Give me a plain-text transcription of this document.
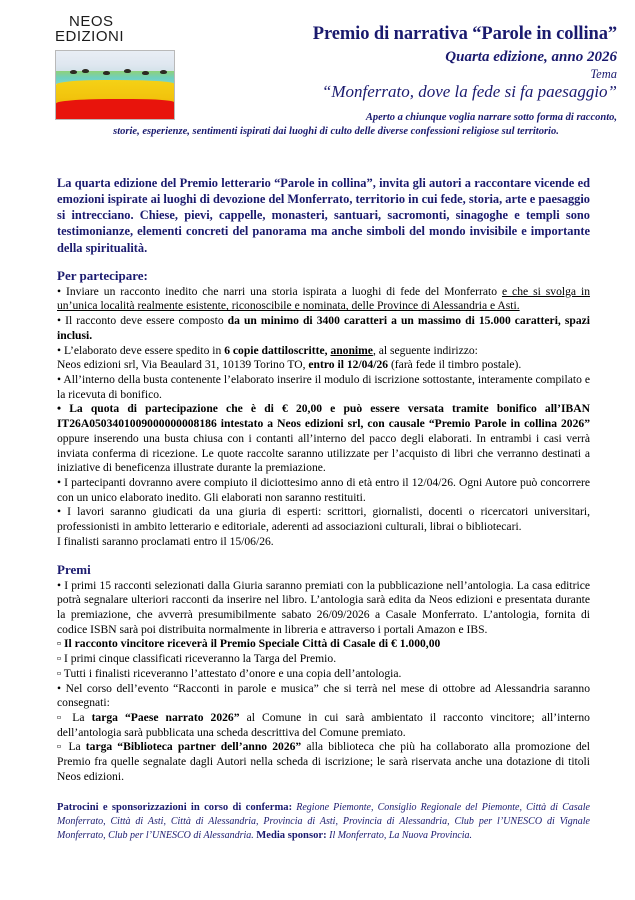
NEOS
EDIZIONI	Premio di narrativa “Parole in collina”
Quarta edizione, anno 2026
Tema
“Monferrato, dove la fede si fa paesaggio”
Aperto a chiunque voglia narrare sotto forma di racconto,
storie, esperienze, sentimenti ispirati dai luoghi di culto delle diverse confessioni religiose sul territorio.
La quarta edizione del Premio letterario “Parole in collina”, invita gli autori a raccontare vicende ed emozioni ispirate ai luoghi di devozione del Monferrato, territorio in cui fede, storia, arte e paesaggio si intrecciano. Chiese, pievi, cappelle, monasteri, santuari, sacromonti, sinagoghe e templi sono testimonianze, elementi concreti del panorama ma anche simboli del mondo invisibile e importante della spiritualità.
Per partecipare:
• Inviare un racconto inedito che narri una storia ispirata a luoghi di fede del Monferrato e che si svolga in un’unica località realmente esistente, riconoscibile e nominata, delle Province di Alessandria e Asti.
• Il racconto deve essere composto da un minimo di 3400 caratteri a un massimo di 15.000 caratteri, spazi inclusi.
• L’elaborato deve essere spedito in 6 copie dattiloscritte, anonime, al seguente indirizzo:
Neos edizioni srl, Via Beaulard 31, 10139 Torino TO, entro il 12/04/26 (farà fede il timbro postale).
• All’interno della busta contenente l’elaborato inserire il modulo di iscrizione sottostante, interamente compilato e la ricevuta di bonifico.
• La quota di partecipazione che è di € 20,00 e può essere versata tramite bonifico all’IBAN IT26A0503401009000000008186 intestato a Neos edizioni srl, con causale “Premio Parole in collina 2026” oppure inserendo una busta chiusa con i contanti all’interno del pacco degli elaborati. In entrambi i casi verrà inviata conferma di ricezione. Le quote raccolte saranno utilizzate per l’acquisto di libri che verranno destinati a iniziative di beneficenza illustrate durante la premiazione.
• I partecipanti dovranno avere compiuto il diciottesimo anno di età entro il 12/04/26. Ogni Autore può concorrere con un unico elaborato inedito. Gli elaborati non saranno restituiti.
• I lavori saranno giudicati da una giuria di esperti: scrittori, giornalisti, docenti o ricercatori universitari, professionisti in ambito letterario e editoriale, aderenti ad associazioni culturali, librai o bibliotecari.
I finalisti saranno proclamati entro il 15/06/26.
Premi
• I primi 15 racconti selezionati dalla Giuria saranno premiati con la pubblicazione nell’antologia. La casa editrice potrà segnalare ulteriori racconti da inserire nel libro. L’antologia sarà edita da Neos edizioni e presentata durante la premiazione, che avverrà presumibilmente sabato 26/09/2026 a Casale Monferrato. L’antologia, fornita di codice ISBN sarà poi distribuita normalmente in libreria e attraverso i portali Amazon e IBS.
▫ Il racconto vincitore riceverà il Premio Speciale Città di Casale di € 1.000,00
▫ I primi cinque classificati riceveranno la Targa del Premio.
▫ Tutti i finalisti riceveranno l’attestato d’onore e una copia dell’antologia.
• Nel corso dell’evento “Racconti in parole e musica” che si terrà nel mese di ottobre ad Alessandria saranno consegnati:
▫ La targa “Paese narrato 2026” al Comune in cui sarà ambientato il racconto vincitore; all’interno dell’antologia sarà pubblicata una scheda descrittiva del Comune premiato.
▫ La targa “Biblioteca partner dell’anno 2026” alla biblioteca che più ha collaborato alla promozione del Premio fra quelle segnalate dagli Autori nella scheda di iscrizione; le sarà riservata anche una dotazione di titoli Neos edizioni.
Patrocini e sponsorizzazioni in corso di conferma: Regione Piemonte, Consiglio Regionale del Piemonte, Città di Casale Monferrato, Città di Asti, Città di Alessandria, Provincia di Asti, Provincia di Alessandria, Club per l’UNESCO di Vignale Monferrato, Club per l’UNESCO di Alessandria. Media sponsor: Il Monferrato, La Nuova Provincia.
